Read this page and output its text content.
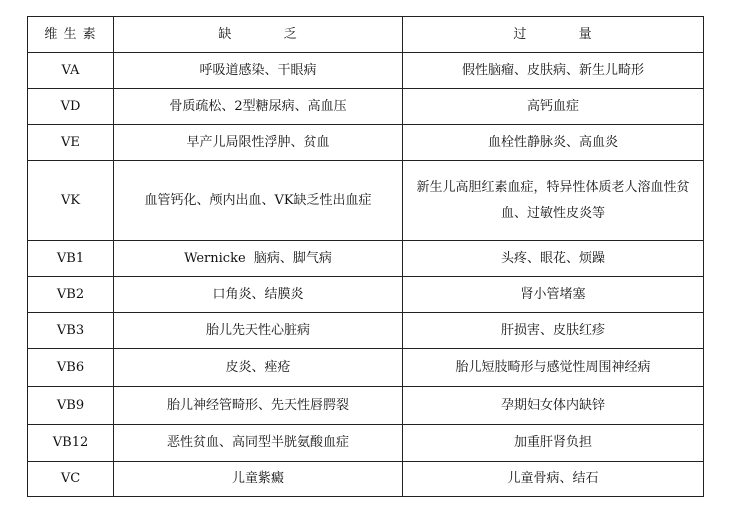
维 生 素	缺          乏	过          量
VA	呼吸道感染、干眼病	假性脑瘤、皮肤病、新生儿畸形
VD	骨质疏松、2型糖尿病、高血压	高钙血症
VE	早产儿局限性浮肿、贫血	血栓性静脉炎、高血炎
VK	血管钙化、颅内出血、VK缺乏性出血症	新生儿高胆红素血症，特异性体质老人溶血性贫血、过敏性皮炎等
VB1	Wernicke  脑病、脚气病	头疼、眼花、烦躁
VB2	口角炎、结膜炎	肾小管堵塞
VB3	胎儿先天性心脏病	肝损害、皮肤红疹
VB6	皮炎、痤疮	胎儿短肢畸形与感觉性周围神经病
VB9	胎儿神经管畸形、先天性唇腭裂	孕期妇女体内缺锌
VB12	恶性贫血、高同型半胱氨酸血症	加重肝肾负担
VC	儿童紫癜	儿童骨病、结石
